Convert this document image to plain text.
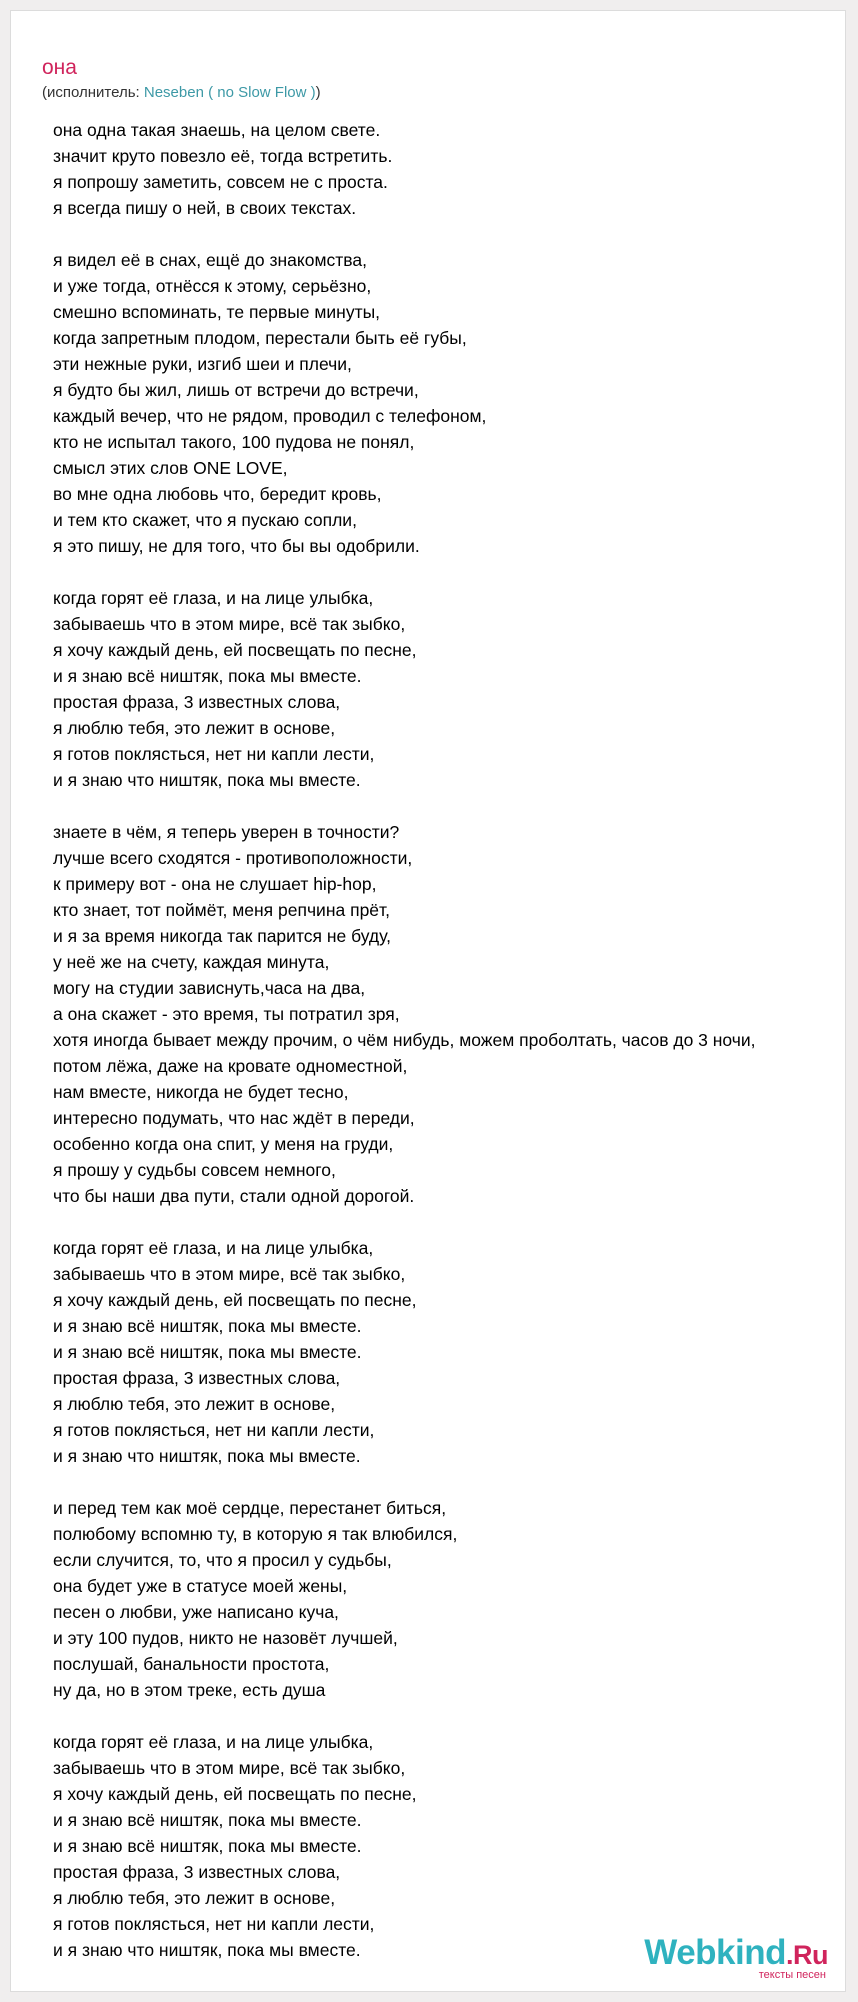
она
(исполнитель: Neseben ( no Slow Flow ))
она одна такая знаешь, на целом свете.
значит круто повезло её, тогда встретить.
я попрошу заметить, совсем не с проста.
я всегда пишу о ней, в своих текстах.
я видел её в снах, ещё до знакомства,
и уже тогда, отнёсся к этому, серьёзно,
смешно вспоминать, те первые минуты,
когда запретным плодом, перестали быть её губы,
эти нежные руки, изгиб шеи и плечи,
я будто бы жил, лишь от встречи до встречи,
каждый вечер, что не рядом, проводил с телефоном,
кто не испытал такого, 100 пудова не понял,
смысл этих слов ONE LOVE,
во мне одна любовь что, бередит кровь,
и тем кто скажет, что я пускаю сопли,
я это пишу, не для того, что бы вы одобрили.
когда горят её глаза, и на лице улыбка,
забываешь что в этом мире, всё так зыбко,
я хочу каждый день, ей посвещать по песне,
и я знаю всё ништяк, пока мы вместе.
простая фраза, 3 известных слова,
я люблю тебя, это лежит в основе,
я готов поклясться, нет ни капли лести,
и я знаю что ништяк, пока мы вместе.
знаете в чём, я теперь уверен в точности?
лучше всего сходятся - противоположности,
к примеру вот - она не слушает hip-hop,
кто знает, тот поймёт, меня репчина прёт,
и я за время никогда так парится не буду,
у неё же на счету, каждая минута,
могу на студии зависнуть,часа на два,
а она скажет - это время, ты потратил зря,
хотя иногда бывает между прочим, о чём нибудь, можем проболтать, часов до 3 ночи,
потом лёжа, даже на кровате одноместной,
нам вместе, никогда не будет тесно,
интересно подумать, что нас ждёт в переди,
особенно когда она спит, у меня на груди,
я прошу у судьбы совсем немного,
что бы наши два пути, стали одной дорогой.
когда горят её глаза, и на лице улыбка,
забываешь что в этом мире, всё так зыбко,
я хочу каждый день, ей посвещать по песне,
и я знаю всё ништяк, пока мы вместе.
и я знаю всё ништяк, пока мы вместе.
простая фраза, 3 известных слова,
я люблю тебя, это лежит в основе,
я готов поклясться, нет ни капли лести,
и я знаю что ништяк, пока мы вместе.
и перед тем как моё сердце, перестанет биться,
полюбому вспомню ту, в которую я так влюбился,
если случится, то, что я просил у судьбы,
она будет уже в статусе моей жены,
песен о любви, уже написано куча,
и эту 100 пудов, никто не назовёт лучшей,
послушай, банальности простота,
ну да, но в этом треке, есть душа
когда горят её глаза, и на лице улыбка,
забываешь что в этом мире, всё так зыбко,
я хочу каждый день, ей посвещать по песне,
и я знаю всё ништяк, пока мы вместе.
и я знаю всё ништяк, пока мы вместе.
простая фраза, 3 известных слова,
я люблю тебя, это лежит в основе,
я готов поклясться, нет ни капли лести,
и я знаю что ништяк, пока мы вместе.	Webkind.Ru
тексты песен
